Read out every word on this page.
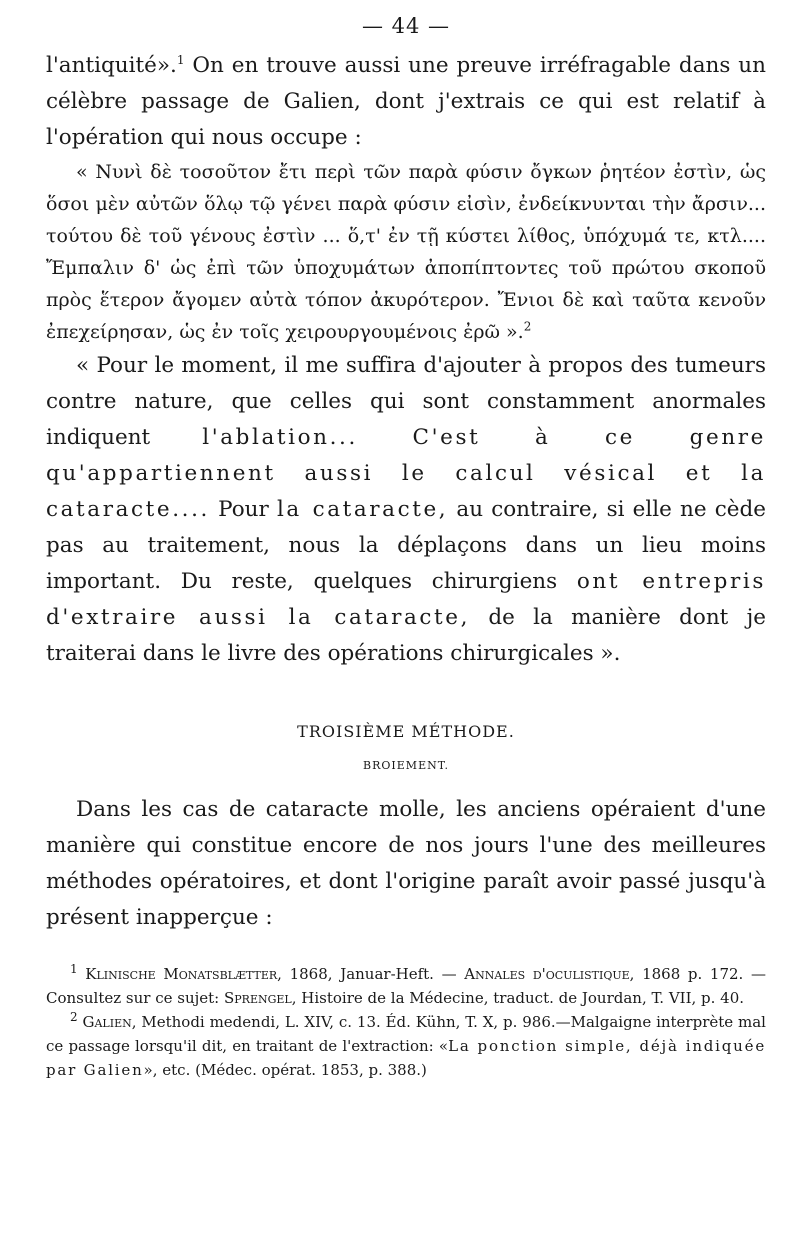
— 44 —

l'antiquité».$^1$ On en trouve aussi une preuve irréfragable dans un célèbre passage de Galien, dont j'extrais ce qui est relatif à l'opération qui nous occupe :

« Νυνὶ δὲ τοσοῦτον ἔτι περὶ τῶν παρὰ φύσιν ὄγκων ῥητέον ἐστὶν, ὡς ὅσοι μὲν αὐτῶν ὅλῳ τῷ γένει παρὰ φύσιν εἰσὶν, ἐνδείκνυνται τὴν ἄρσιν... τούτου δὲ τοῦ γένους ἐστὶν ... ὅ,τ' ἐν τῇ κύστει λίθος, ὑπόχυμά τε, κτλ.... Ἔμπαλιν δ' ὡς ἐπὶ τῶν ὑποχυμάτων ἀποπίπτοντες τοῦ πρώτου σκοποῦ πρὸς ἕτερον ἄγομεν αὐτὰ τόπον ἀκυρότερον. Ἔνιοι δὲ καὶ ταῦτα κενοῦν ἐπεχείρησαν, ὡς ἐν τοῖς χειρουργουμένοις ἐρῶ ».$^2$

« Pour le moment, il me suffira d'ajouter à propos des tumeurs contre nature, que celles qui sont constamment anormales indiquent l'ablation... C'est à ce genre qu'appartiennent aussi le calcul vésical et la cataracte.... Pour la cataracte, au contraire, si elle ne cède pas au traitement, nous la déplaçons dans un lieu moins important. Du reste, quelques chirurgiens ont entrepris d'extraire aussi la cataracte, de la manière dont je traiterai dans le livre des opérations chirurgicales ».

TROISIÈME MÉTHODE.
BROIEMENT.

Dans les cas de cataracte molle, les anciens opéraient d'une manière qui constitue encore de nos jours l'une des meilleures méthodes opératoires, et dont l'origine paraît avoir passé jusqu'à présent inapperçue :

$^1$ Klinische Monatsblætter, 1868, Januar-Heft. — Annales d'oculistique, 1868 p. 172. — Consultez sur ce sujet: Sprengel, Histoire de la Médecine, traduct. de Jourdan, T. VII, p. 40.

$^2$ Galien, Methodi medendi, L. XIV, c. 13. Éd. Kühn, T. X, p. 986.—Malgaigne interprète mal ce passage lorsqu'il dit, en traitant de l'extraction: «La ponction simple, déjà indiquée par Galien», etc. (Médec. opérat. 1853, p. 388.)
